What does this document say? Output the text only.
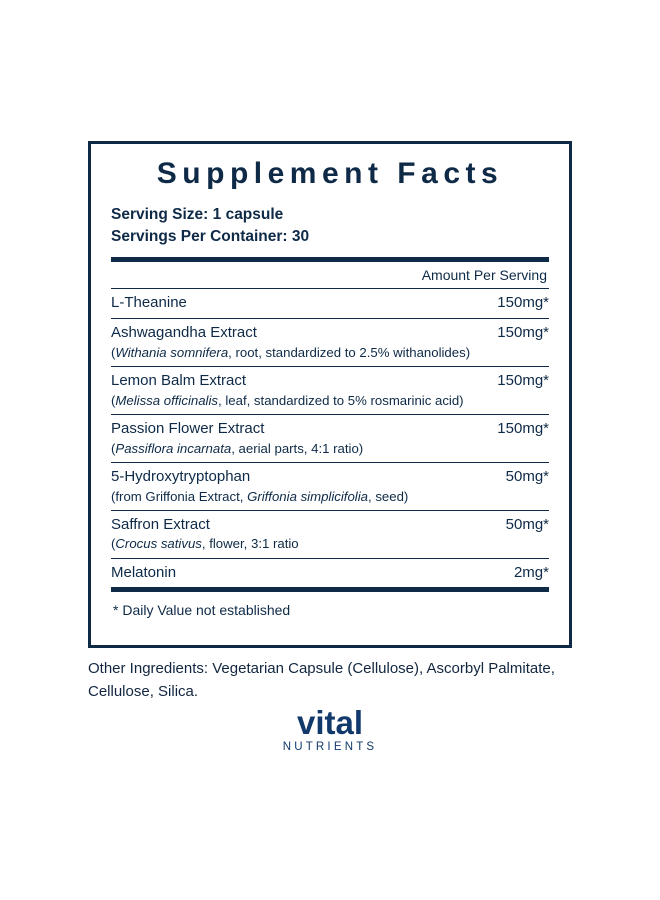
Supplement Facts
Serving Size: 1 capsule
Servings Per Container: 30
Amount Per Serving
L-Theanine	150mg*
Ashwagandha Extract	150mg*
(Withania somnifera, root, standardized to 2.5% withanolides)
Lemon Balm Extract	150mg*
(Melissa officinalis, leaf, standardized to 5% rosmarinic acid)
Passion Flower Extract	150mg*
(Passiflora incarnata, aerial parts, 4:1 ratio)
5-Hydroxytryptophan	50mg*
(from Griffonia Extract, Griffonia simplicifolia, seed)
Saffron Extract	50mg*
(Crocus sativus, flower, 3:1 ratio
Melatonin	2mg*
* Daily Value not established
Other Ingredients: Vegetarian Capsule (Cellulose), Ascorbyl Palmitate, Cellulose, Silica.
vital
NUTRIENTS
